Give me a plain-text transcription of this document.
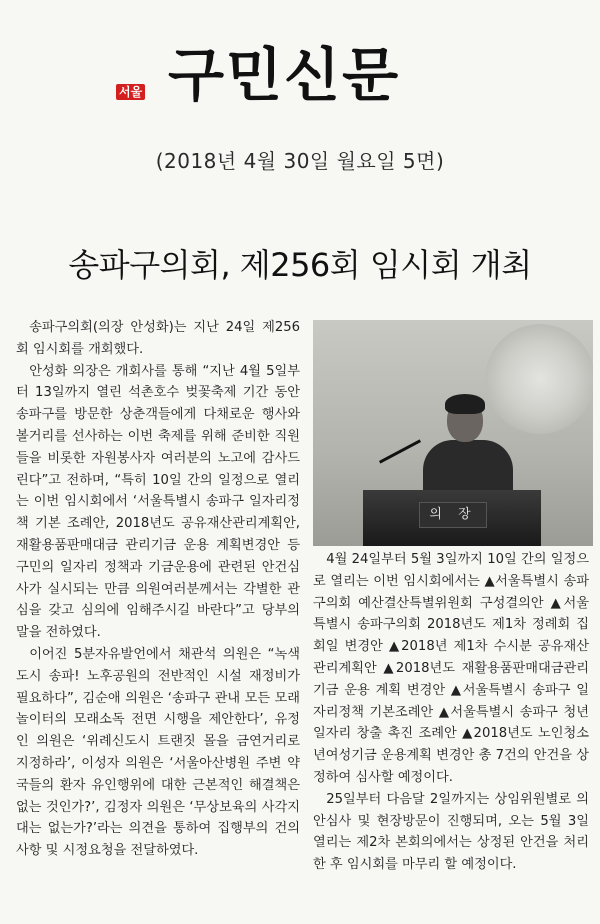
서울 구민신문
(2018년 4월 30일 월요일 5면)
송파구의회, 제256회 임시회 개최

송파구의회(의장 안성화)는 지난 24일 제256회 임시회를 개회했다.

안성화 의장은 개회사를 통해 “지난 4월 5일부터 13일까지 열린 석촌호수 벚꽃축제 기간 동안 송파구를 방문한 상춘객들에게 다채로운 행사와 볼거리를 선사하는 이번 축제를 위해 준비한 직원들을 비롯한 자원봉사자 여러분의 노고에 감사드린다”고 전하며, “특히 10일 간의 일정으로 열리는 이번 임시회에서 ‘서울특별시 송파구 일자리정책 기본 조례안, 2018년도 공유재산관리계획안, 재활용품판매대금 관리기금 운용 계획변경안 등 구민의 일자리 정책과 기금운용에 관련된 안건심사가 실시되는 만큼 의원여러분께서는 각별한 관심을 갖고 심의에 임해주시길 바란다”고 당부의 말을 전하였다.

이어진 5분자유발언에서 채관석 의원은 “녹색도시 송파! 노후공원의 전반적인 시설 재정비가 필요하다”, 김순애 의원은 ‘송파구 관내 모든 모래놀이터의 모래소독 전면 시행을 제안한다’, 유정인 의원은 ‘위례신도시 트랜짓 몰을 금연거리로 지정하라’, 이성자 의원은 ‘서울아산병원 주변 약국들의 환자 유인행위에 대한 근본적인 해결책은 없는 것인가?’, 김정자 의원은 ‘무상보육의 사각지대는 없는가?’라는 의견을 통하여 집행부의 건의사항 및 시정요청을 전달하였다.

의 장

4월 24일부터 5월 3일까지 10일 간의 일정으로 열리는 이번 임시회에서는 ▲서울특별시 송파구의회 예산결산특별위원회 구성결의안 ▲서울특별시 송파구의회 2018년도 제1차 정례회 집회일 변경안 ▲2018년 제1차 수시분 공유재산 관리계획안 ▲2018년도 재활용품판매대금관리기금 운용 계획 변경안 ▲서울특별시 송파구 일자리정책 기본조례안 ▲서울특별시 송파구 청년일자리 창출 촉진 조례안 ▲2018년도 노인청소년여성기금 운용계획 변경안 총 7건의 안건을 상정하여 심사할 예정이다.

25일부터 다음달 2일까지는 상임위원별로 의안심사 및 현장방문이 진행되며, 오는 5월 3일 열리는 제2차 본회의에서는 상정된 안건을 처리한 후 임시회를 마무리 할 예정이다.
